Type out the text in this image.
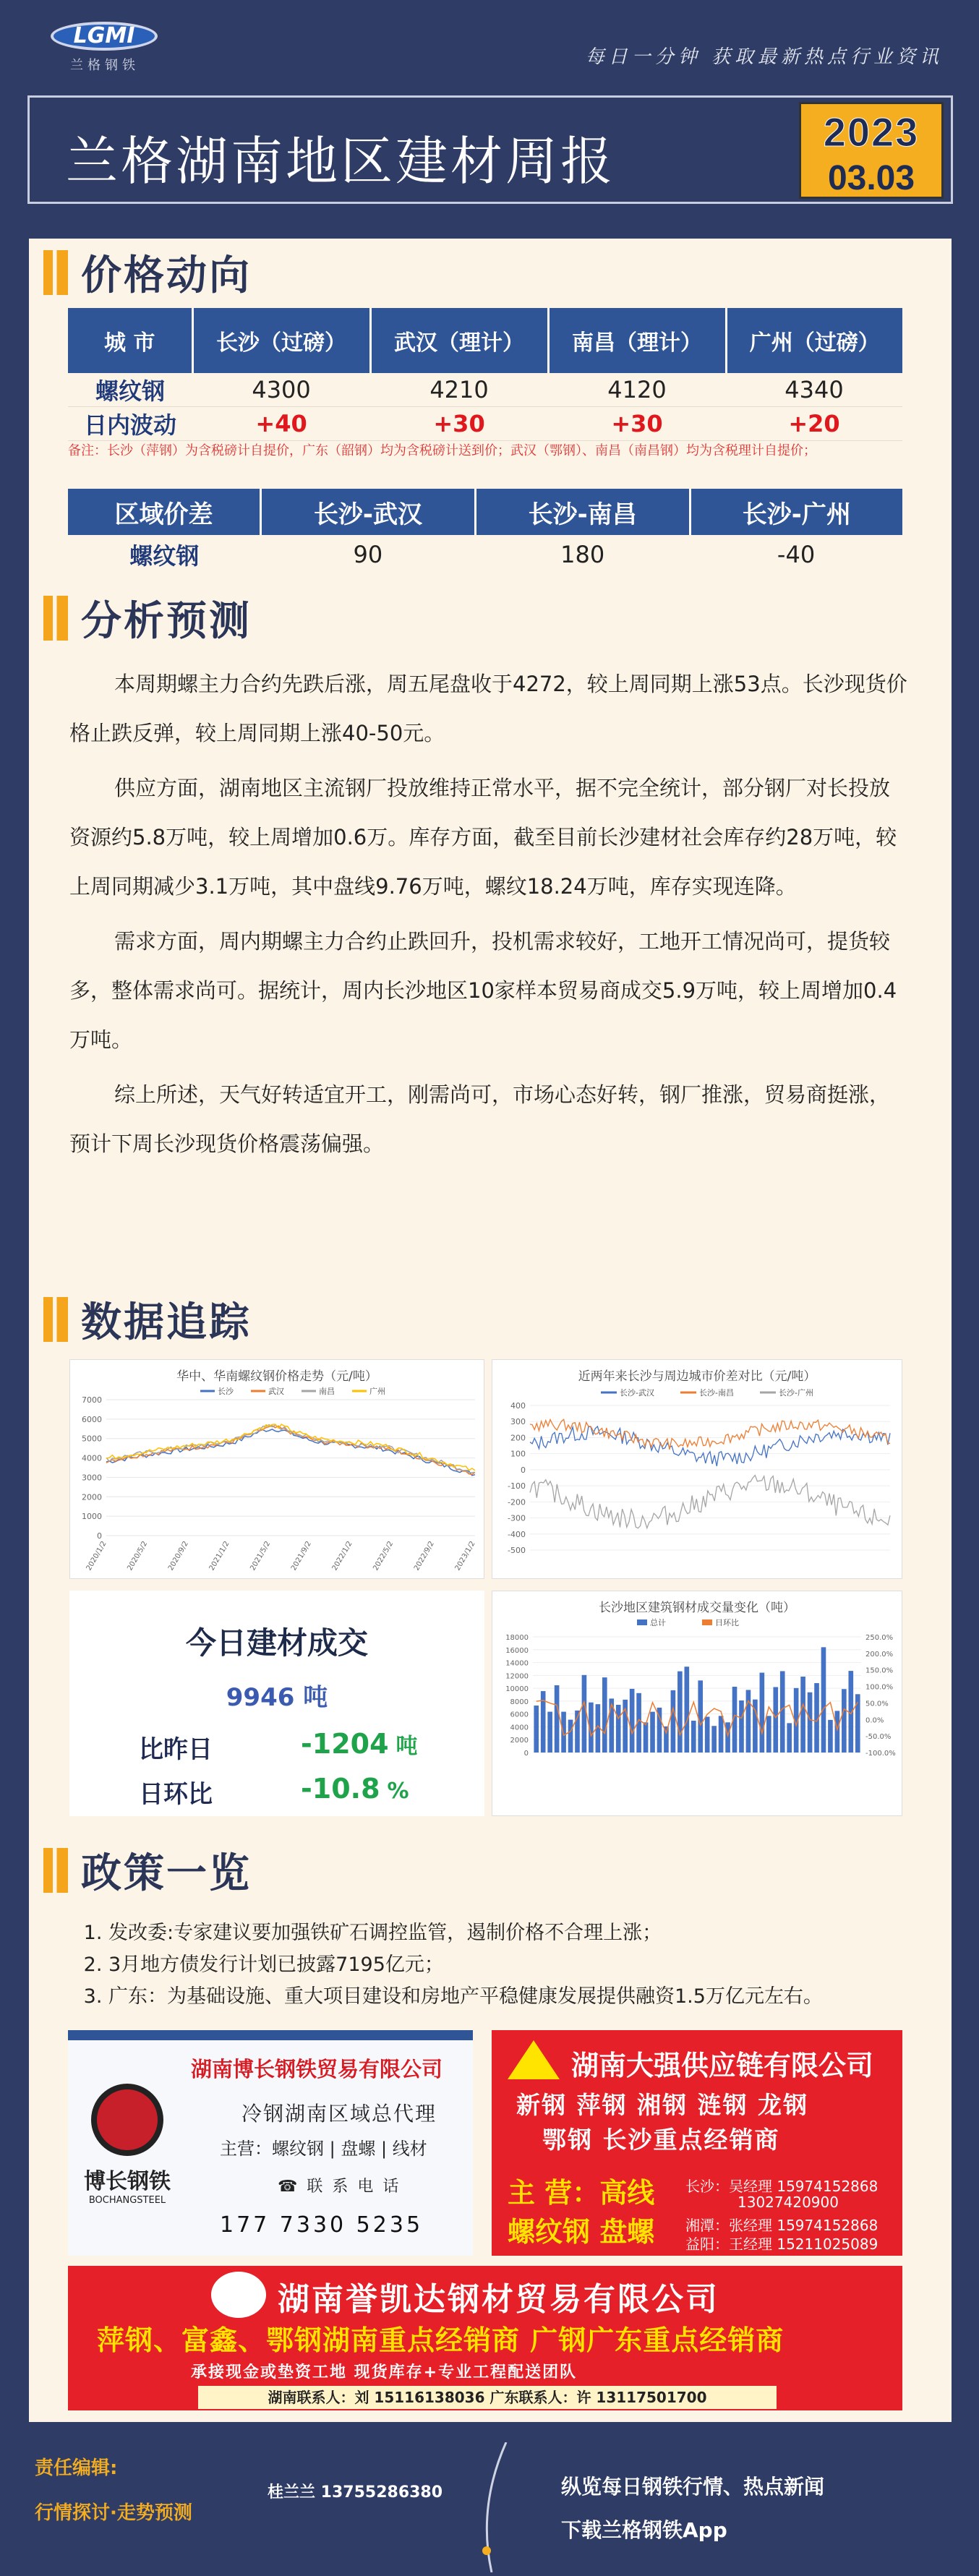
LGMI
兰格钢铁	每日一分钟 获取最新热点行业资讯
兰格湖南地区建材周报	2023
03.03
价格动向
城 市	长沙（过磅）	武汉（理计）	南昌（理计）	广州（过磅）
螺纹钢	4300	4210	4120	4340
日内波动	+40	+30	+30	+20
备注：长沙（萍钢）为含税磅计自提价，广东（韶钢）均为含税磅计送到价；武汉（鄂钢）、南昌（南昌钢）均为含税理计自提价；
区域价差	长沙-武汉	长沙-南昌	长沙-广州
螺纹钢	90	180	-40
分析预测

本周期螺主力合约先跌后涨，周五尾盘收于4272，较上周同期上涨53点。长沙现货价格止跌反弹，较上周同期上涨40-50元。

供应方面，湖南地区主流钢厂投放维持正常水平，据不完全统计，部分钢厂对长投放资源约5.8万吨，较上周增加0.6万。库存方面，截至目前长沙建材社会库存约28万吨，较上周同期减少3.1万吨，其中盘线9.76万吨，螺纹18.24万吨，库存实现连降。

需求方面，周内期螺主力合约止跌回升，投机需求较好，工地开工情况尚可，提货较多，整体需求尚可。据统计，周内长沙地区10家样本贸易商成交5.9万吨，较上周增加0.4万吨。

综上所述，天气好转适宜开工，刚需尚可，市场心态好转，钢厂推涨，贸易商挺涨，预计下周长沙现货价格震荡偏强。

数据追踪
华中、华南螺纹钢价格走势（元/吨）
长沙	武汉	南昌	广州
7000
6000
5000
4000
3000
2000
1000
0
2020/1/2 2020/5/2 2020/9/2 2021/1/2 2021/5/2 2021/9/2 2022/1/2 2022/5/2 2022/9/2 2023/1/2
近两年来长沙与周边城市价差对比（元/吨）
长沙-武汉	长沙-南昌	长沙-广州
400
300
200
100
0
-100
-200
-300
-400
-500
今日建材成交
9946 吨
比昨日	-1204 吨
日环比	-10.8 %
长沙地区建筑钢材成交量变化（吨）
总计	日环比
18000
16000
14000
12000
10000
8000
6000
4000
2000
0
250.0%
200.0%
150.0%
100.0%
50.0%
0.0%
-50.0%
-100.0%
政策一览
1. 发改委:专家建议要加强铁矿石调控监管，遏制价格不合理上涨；
2. 3月地方债发行计划已披露7195亿元；
3. 广东：为基础设施、重大项目建设和房地产平稳健康发展提供融资1.5万亿元左右。
博长钢铁
BOCHANGSTEEL
湖南博长钢铁贸易有限公司
冷钢湖南区域总代理
主营：螺纹钢 | 盘螺 | 线材
☎ 联 系 电 话
177 7330 5235
湖南大强供应链有限公司
新钢 萍钢 湘钢 涟钢 龙钢
鄂钢 长沙重点经销商
主 营：高线
螺纹钢 盘螺
长沙：吴经理 15974152868
13027420900
湘潭：张经理 15974152868
益阳：王经理 15211025089
湖南誉凯达钢材贸易有限公司
萍钢、富鑫、鄂钢湖南重点经销商 广钢广东重点经销商
承接现金或垫资工地 现货库存+专业工程配送团队
湖南联系人：刘 15116138036 广东联系人：许 13117501700
责任编辑:
行情探讨·走势预测
桂兰兰 13755286380	纵览每日钢铁行情、热点新闻
下载兰格钢铁App
